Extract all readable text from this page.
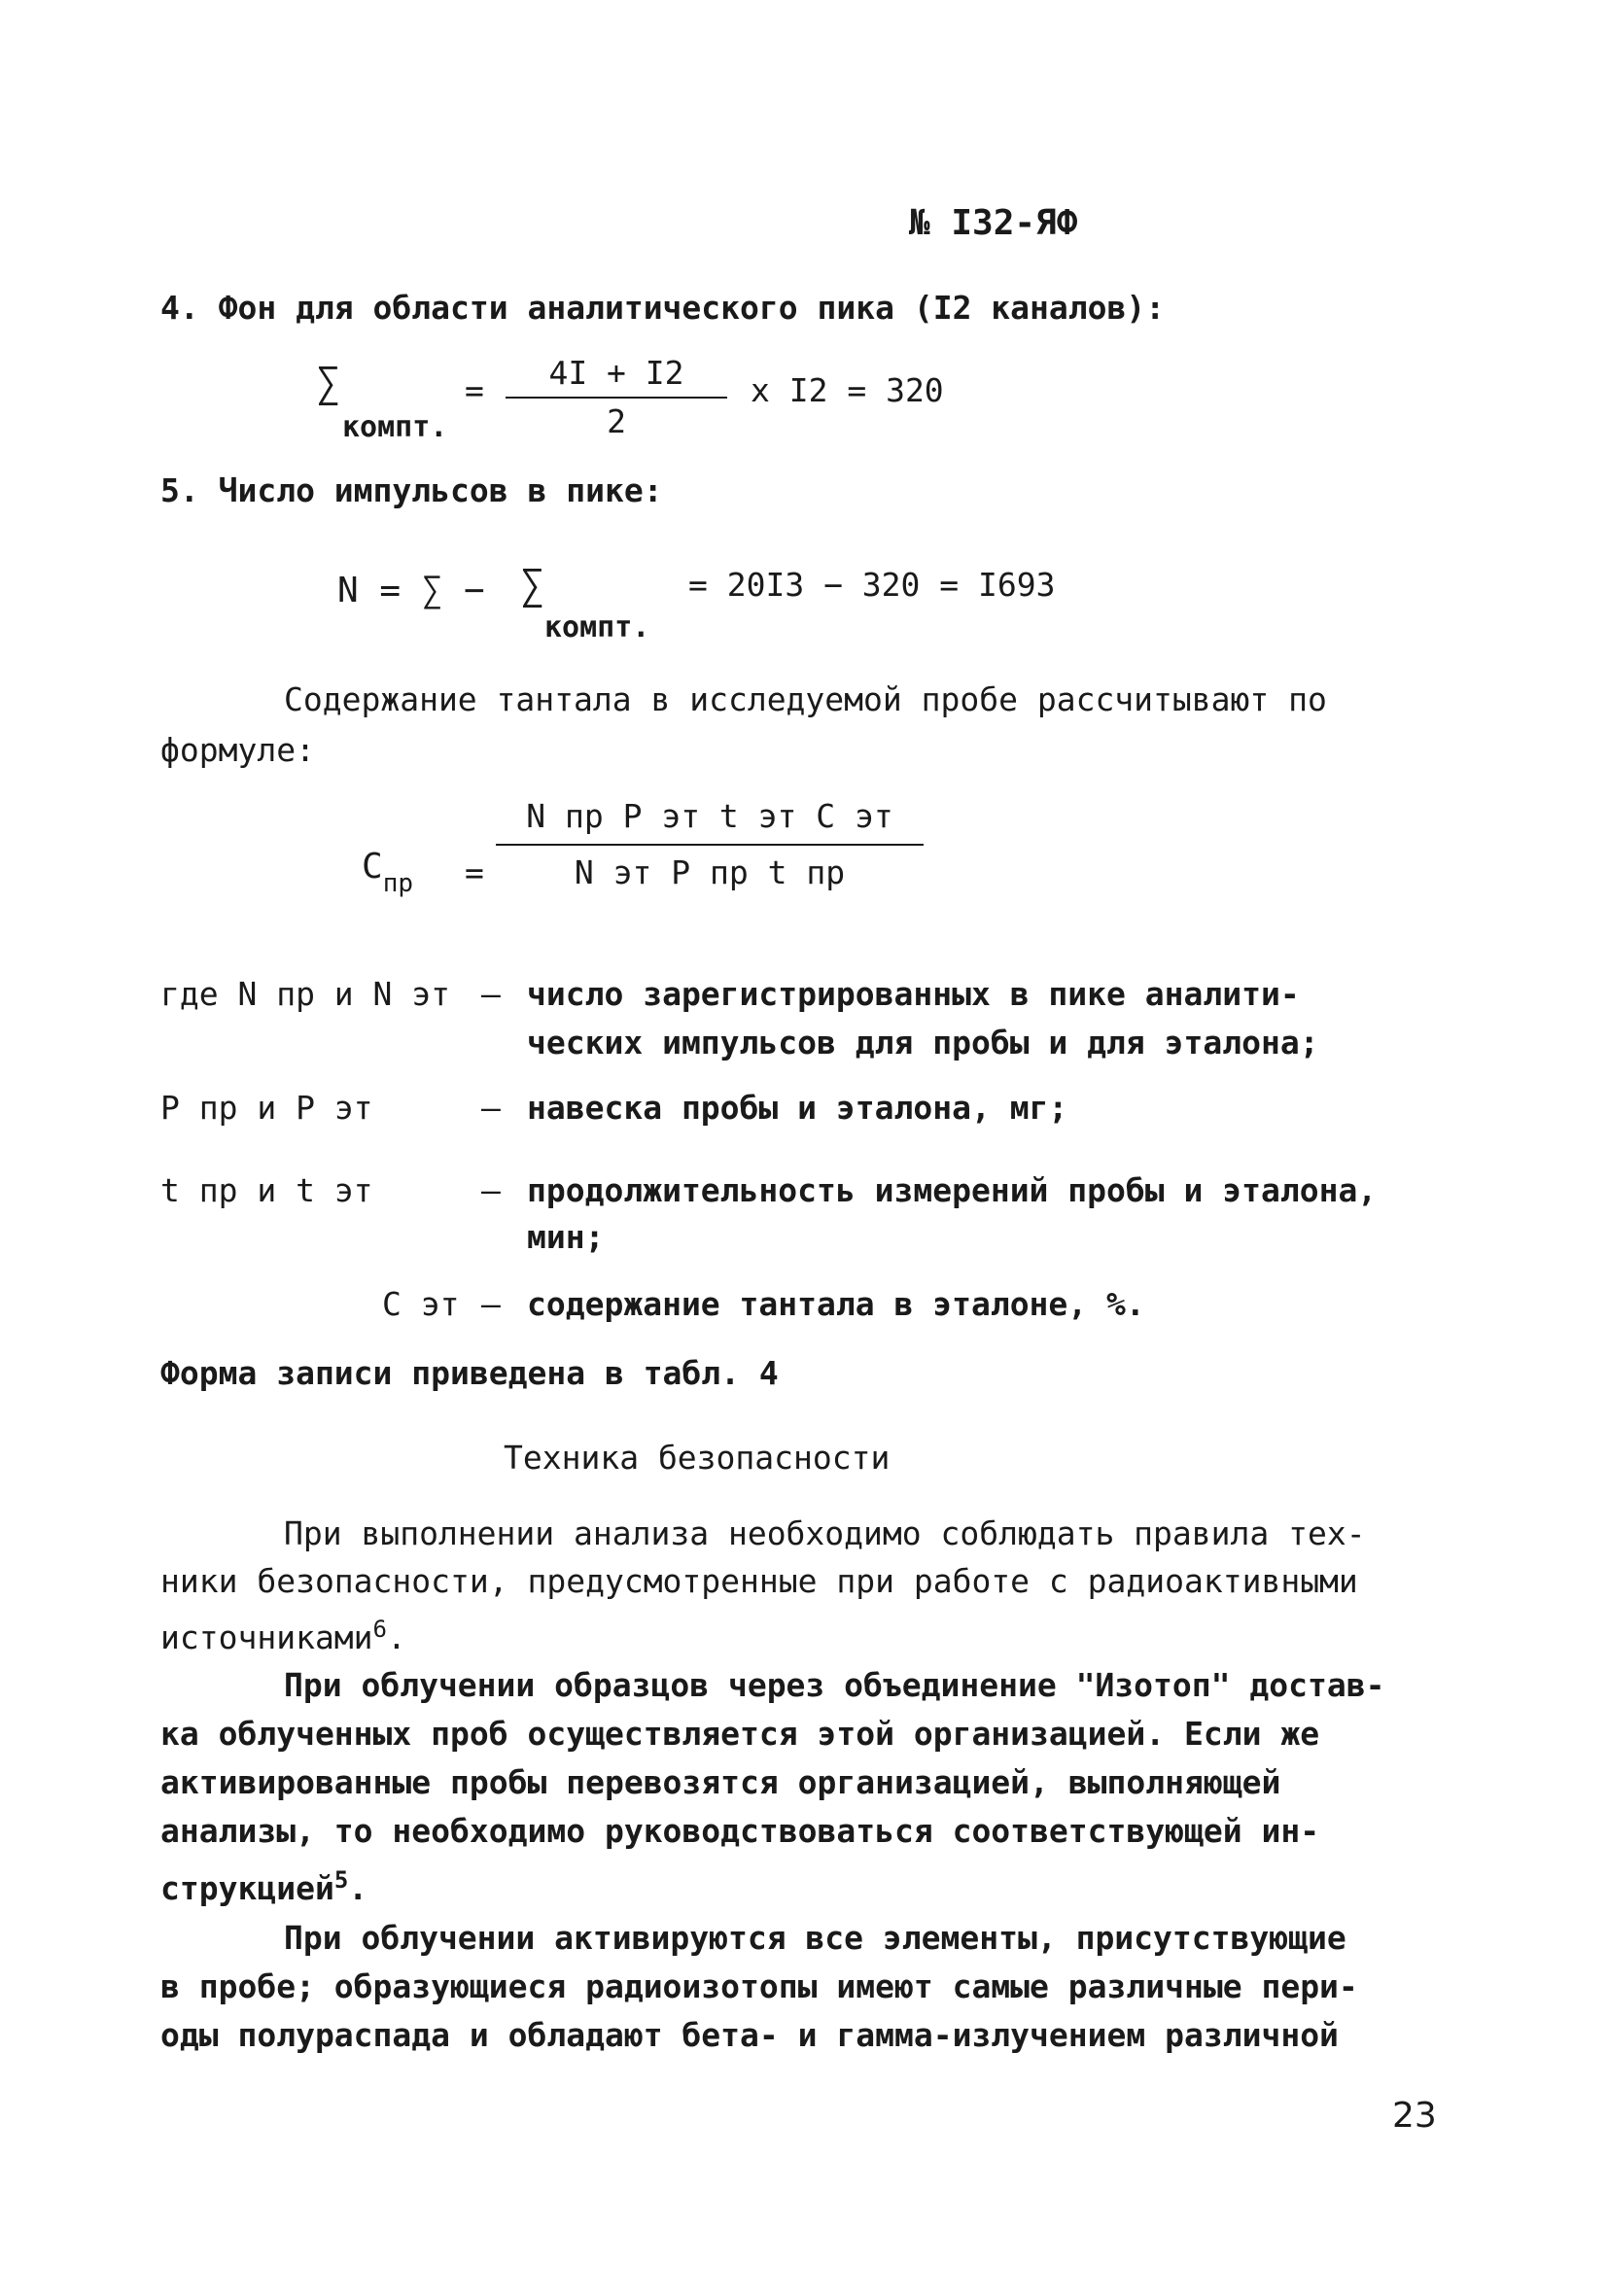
№ I32-ЯФ
4. Фон для области аналитического пика (I2 каналов):
∑
компт.
= $\frac{4I + I2}{2}$ x I2 = 320
5. Число импульсов в пике:
N = ∑ − ∑
компт.
= 20I3 − 320 = I693
Содержание тантала в исследуемой пробе рассчитывают по
формуле:
$C_{пр}$ =
N пр P эт t эт C эт
N эт P пр t пр
где N пр и N эт – число зарегистрированных в пике аналити-
ческих импульсов для пробы и для эталона;
P пр и P эт	– навеска пробы и эталона, мг;
t пр и t эт	– продолжительность измерений пробы и эталона,
мин;
C эт – содержание тантала в эталоне, %.
Форма записи приведена в табл. 4
Техника безопасности
При выполнении анализа необходимо соблюдать правила тех-
ники безопасности, предусмотренные при работе с радиоактивными
источниками$^6$.
При облучении образцов через объединение "Изотоп" достав-
ка облученных проб осуществляется этой организацией. Если же
активированные пробы перевозятся организацией, выполняющей
анализы, то необходимо руководствоваться соответствующей ин-
струкцией$^5$.
При облучении активируются все элементы, присутствующие
в пробе; образующиеся радиоизотопы имеют самые различные пери-
оды полураспада и обладают бета- и гамма-излучением различной
23
